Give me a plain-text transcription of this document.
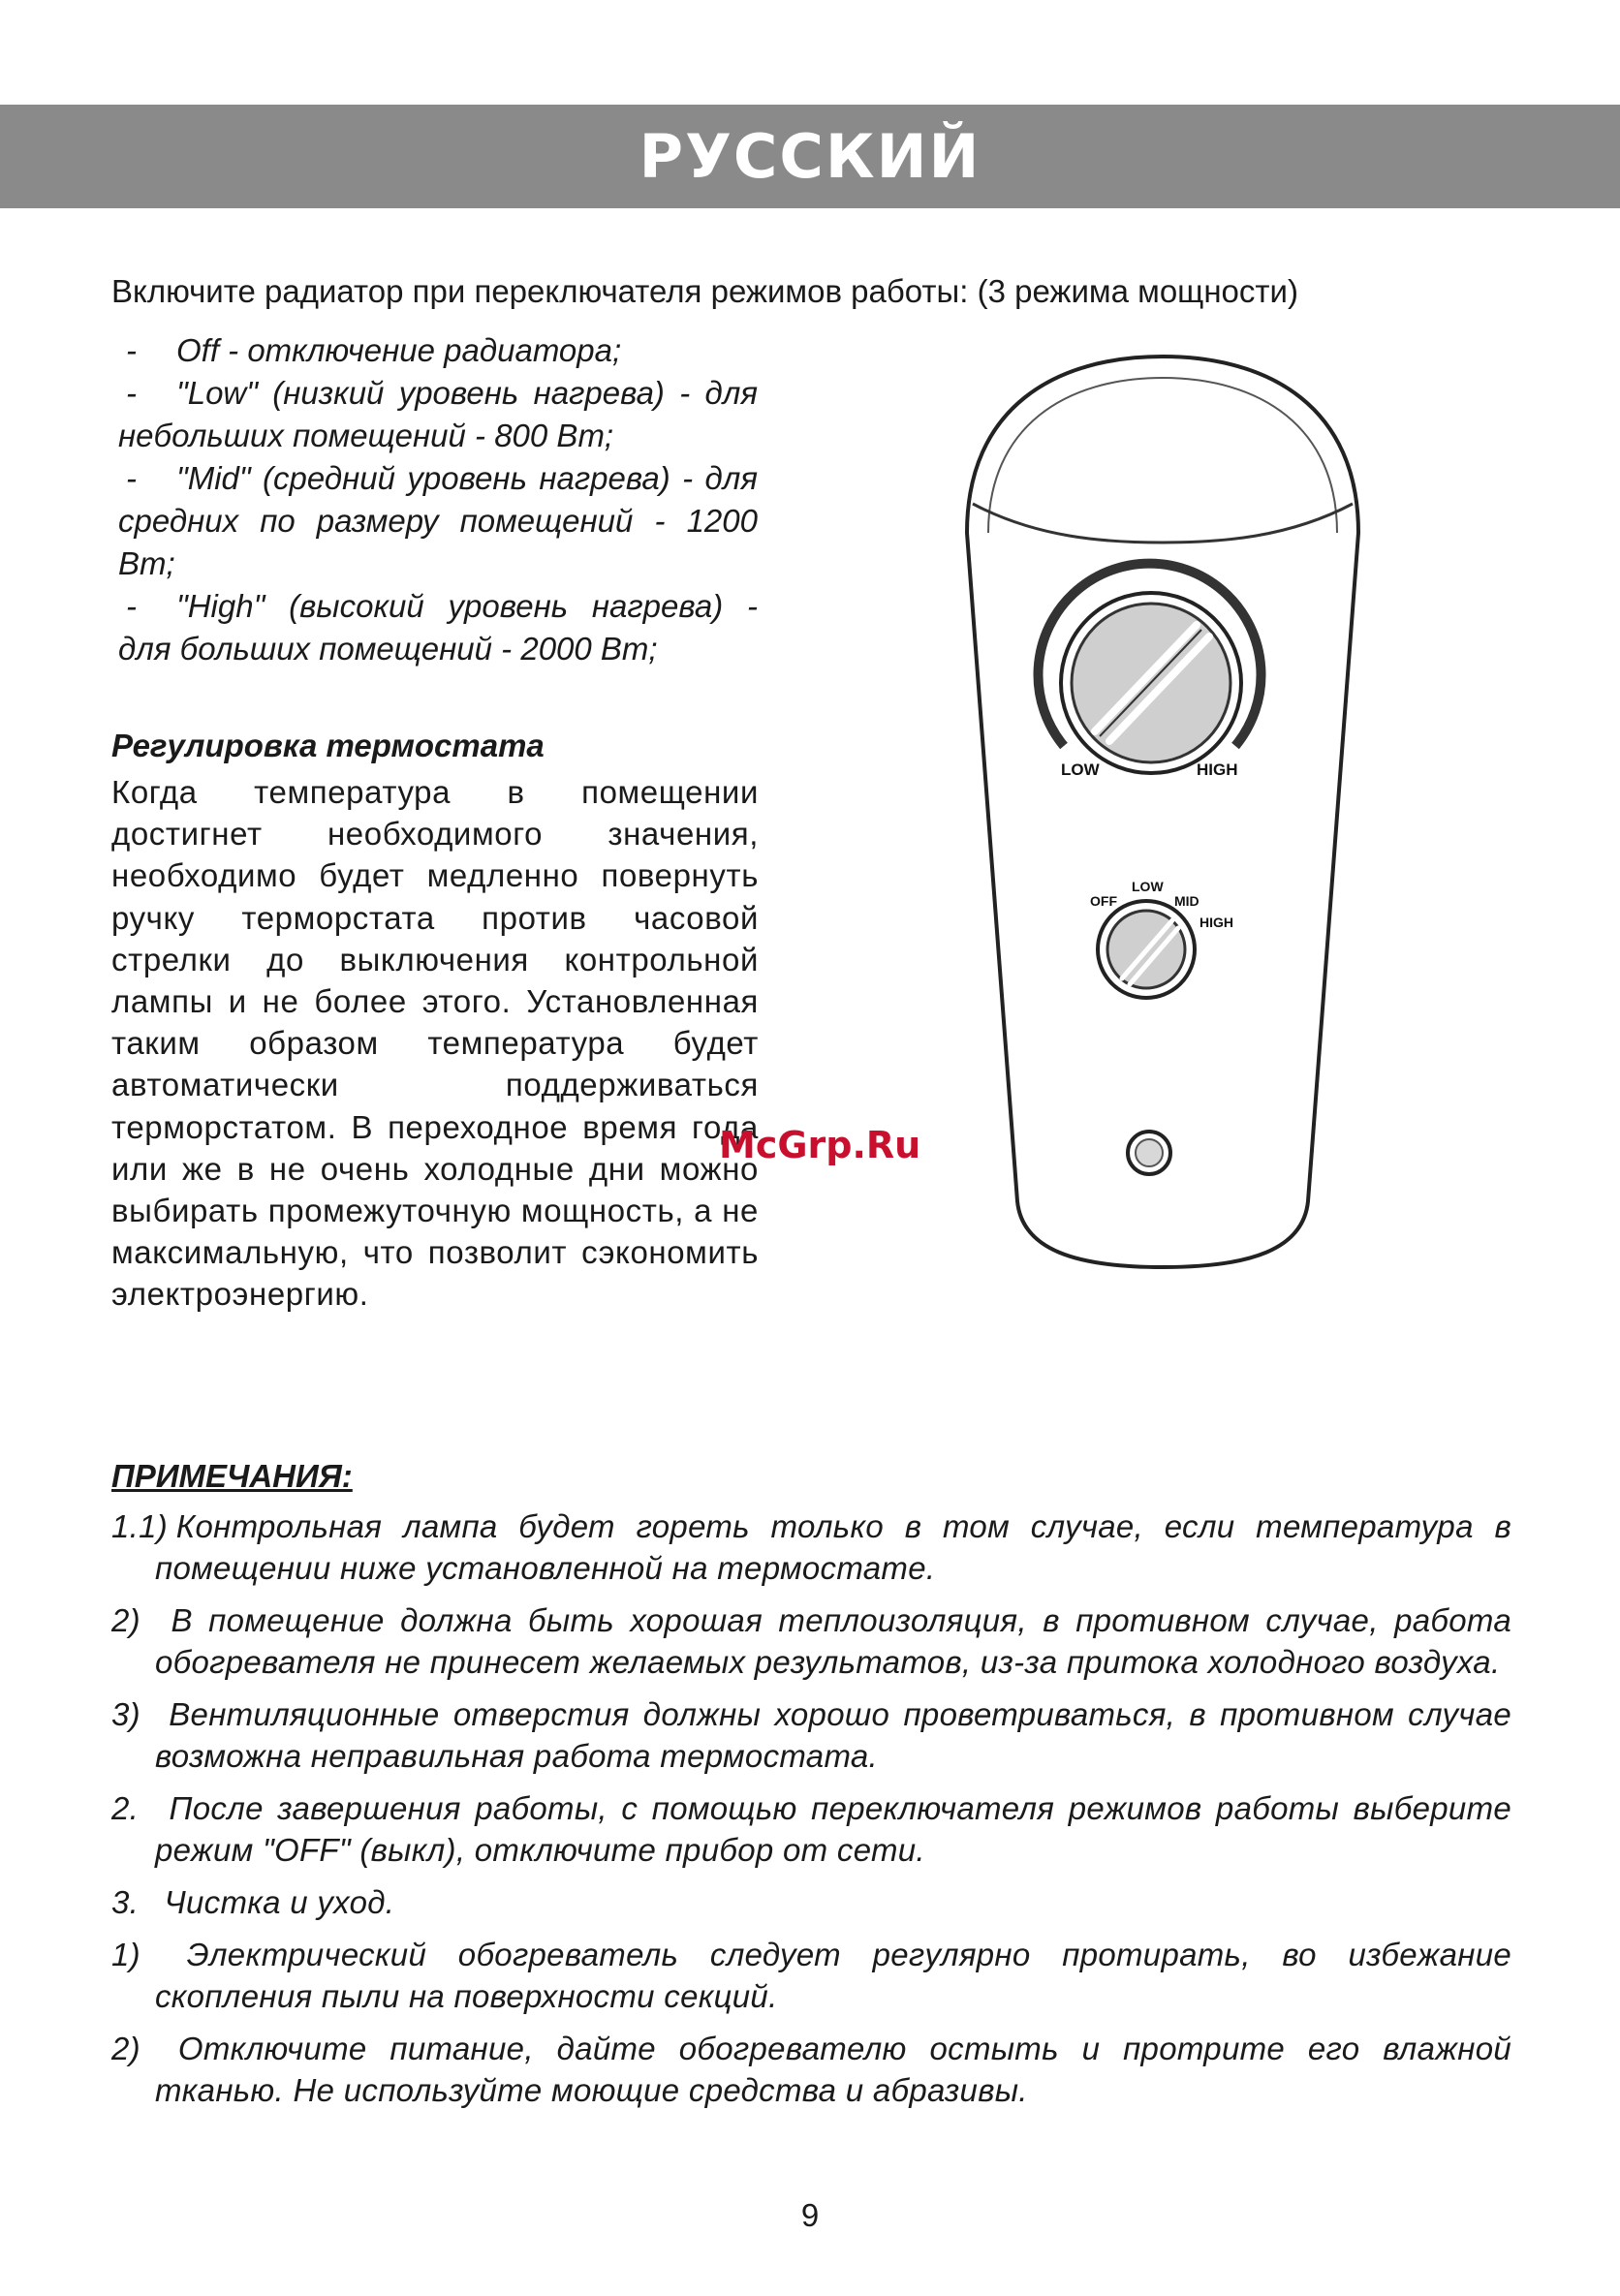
РУССКИЙ

Включите радиатор при переключателя режимов работы: (3 режима мощности)

- Off - отключение радиатора;
- "Low" (низкий уровень нагрева) - для небольших помещений - 800 Вт;
- "Mid" (средний уровень нагрева) - для средних по размеру помещений - 1200 Вт;
- "High" (высокий уровень нагрева) - для больших помещений - 2000 Вт;
Регулировка термостата

Когда температура в помещении достигнет необходимого значения, необходимо будет медленно повернуть ручку терморстата против часовой стрелки до выключения контрольной лампы и не более этого. Установленная таким образом температура будет автоматически поддерживаться терморстатом. В переходное время года или же в не очень холодные дни можно выбирать промежуточную мощность, а не максимальную, что позволит сэкономить электроэнергию.

McGrp.Ru
LOW	HIGH
OFF
LOW
MID
HIGH
ПРИМЕЧАНИЯ:
1.1) Контрольная лампа будет гореть только в том случае, если температура в помещении ниже установленной на термостате.
2) В помещение должна быть хорошая теплоизоляция, в противном случае, работа обогревателя не принесет желаемых результатов, из-за притока холодного воздуха.
3) Вентиляционные отверстия должны хорошо проветриваться, в противном случае возможна неправильная работа термостата.
2. После завершения работы, с помощью переключателя режимов работы выберите режим "OFF" (выкл), отключите прибор от сети.
3. Чистка и уход.
1) Электрический обогреватель следует регулярно протирать, во избежание скопления пыли на поверхности секций.
2) Отключите питание, дайте обогревателю остыть и протрите его влажной тканью. Не используйте моющие средства и абразивы.
9
